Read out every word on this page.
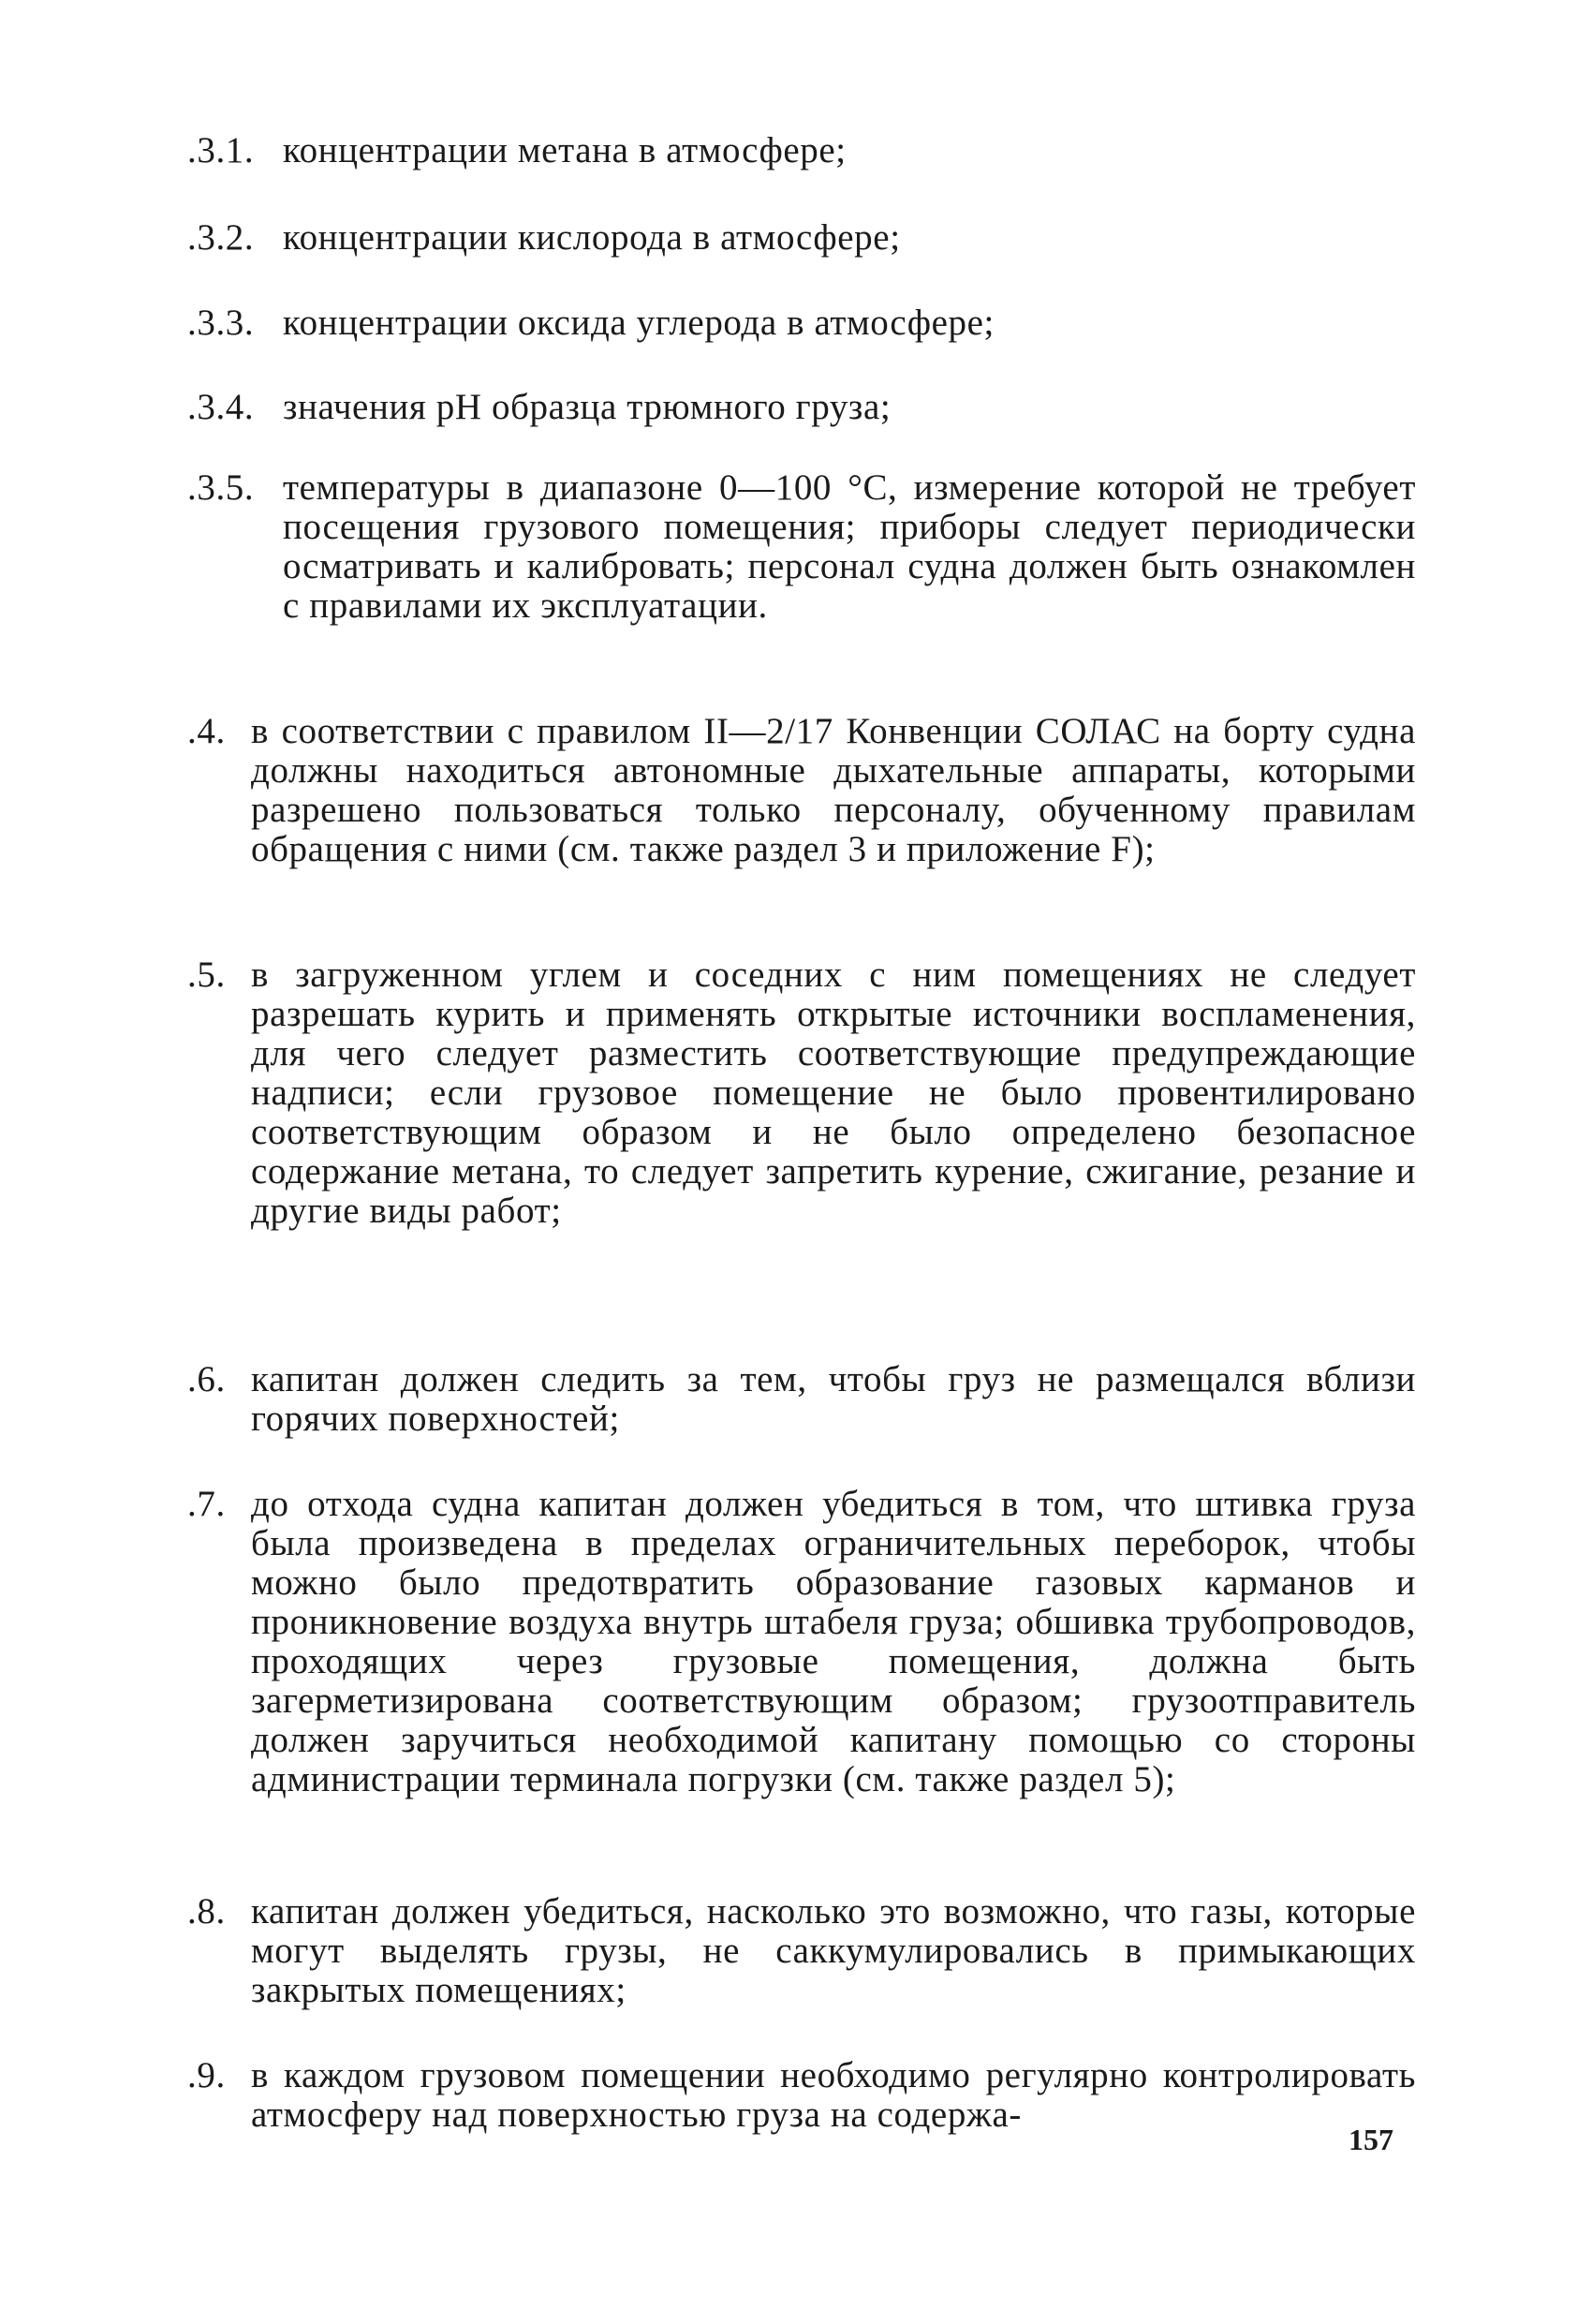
.3.1. концентрации метана в атмосфере;
.3.2. концентрации кислорода в атмосфере;
.3.3. концентрации оксида углерода в атмосфере;
.3.4. значения pH образца трюмного груза;
.3.5. температуры в диапазоне 0—100 °С, измерение которой не требует посещения грузового помещения; приборы следует периодически осматривать и калибровать; персонал судна должен быть ознакомлен с правилами их эксплуатации.
.4. в соответствии с правилом II—2/17 Конвенции СОЛАС на борту судна должны находиться автономные дыхательные аппараты, которыми разрешено пользоваться только персоналу, обученному правилам обращения с ними (см. также раздел 3 и приложение F);
.5. в загруженном углем и соседних с ним помещениях не следует разрешать курить и применять открытые источники воспламенения, для чего следует разместить соответствующие предупреждающие надписи; если грузовое помещение не было провентилировано соответствующим образом и не было определено безопасное содержание метана, то следует запретить курение, сжигание, резание и другие виды работ;
.6. капитан должен следить за тем, чтобы груз не размещался вблизи горячих поверхностей;
.7. до отхода судна капитан должен убедиться в том, что штивка груза была произведена в пределах ограничительных переборок, чтобы можно было предотвратить образование газовых карманов и проникновение воздуха внутрь штабеля груза; обшивка трубопроводов, проходящих через грузовые помещения, должна быть загерметизирована соответствующим образом; грузоотправитель должен заручиться необходимой капитану помощью со стороны администрации терминала погрузки (см. также раздел 5);
.8. капитан должен убедиться, насколько это возможно, что газы, которые могут выделять грузы, не саккумулировались в примыкающих закрытых помещениях;
.9. в каждом грузовом помещении необходимо регулярно контролировать атмосферу над поверхностью груза на содержа-
157
